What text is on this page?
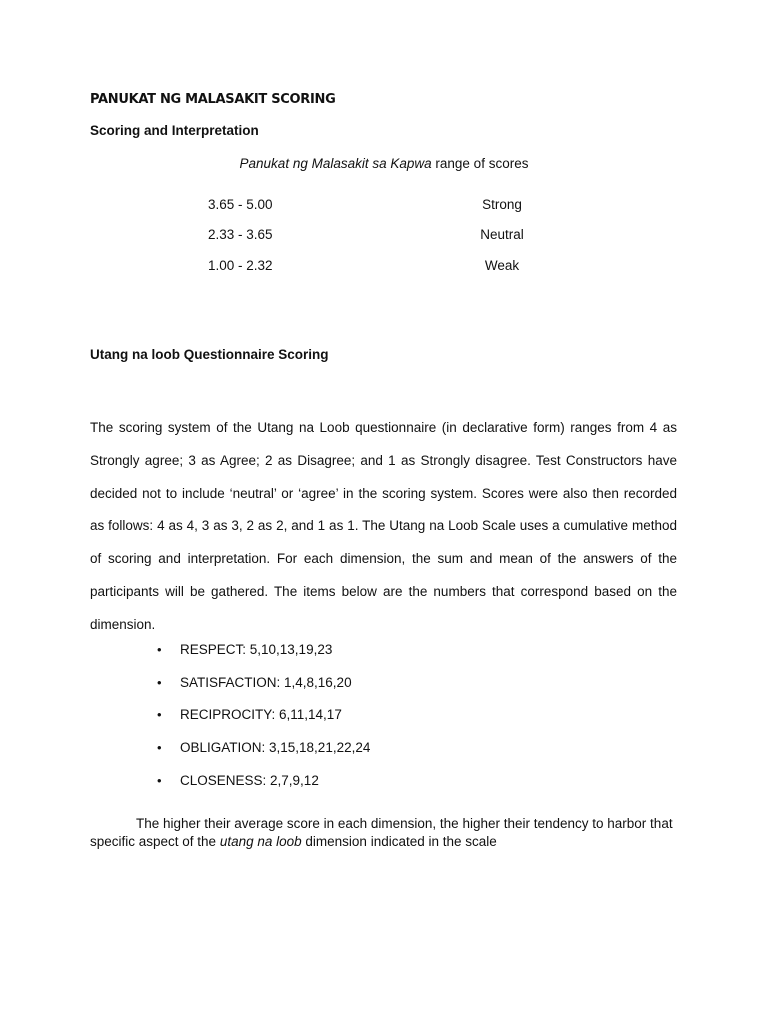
PANUKAT NG MALASAKIT SCORING
Scoring and Interpretation

Panukat ng Malasakit sa Kapwa range of scores

3.65 - 5.00	Strong
2.33 - 3.65	Neutral
1.00 - 2.32	Weak
Utang na loob Questionnaire Scoring

The scoring system of the Utang na Loob questionnaire (in declarative form) ranges from 4 as Strongly agree; 3 as Agree; 2 as Disagree; and 1 as Strongly disagree. Test Constructors have decided not to include ‘neutral’ or ‘agree’ in the scoring system. Scores were also then recorded as follows: 4 as 4, 3 as 3, 2 as 2, and 1 as 1. The Utang na Loob Scale uses a cumulative method of scoring and interpretation. For each dimension, the sum and mean of the answers of the participants will be gathered. The items below are the numbers that correspond based on the dimension.

• RESPECT: 5,10,13,19,23
• SATISFACTION: 1,4,8,16,20
• RECIPROCITY: 6,11,14,17
• OBLIGATION: 3,15,18,21,22,24
• CLOSENESS: 2,7,9,12

The higher their average score in each dimension, the higher their tendency to harbor that specific aspect of the utang na loob dimension indicated in the scale
